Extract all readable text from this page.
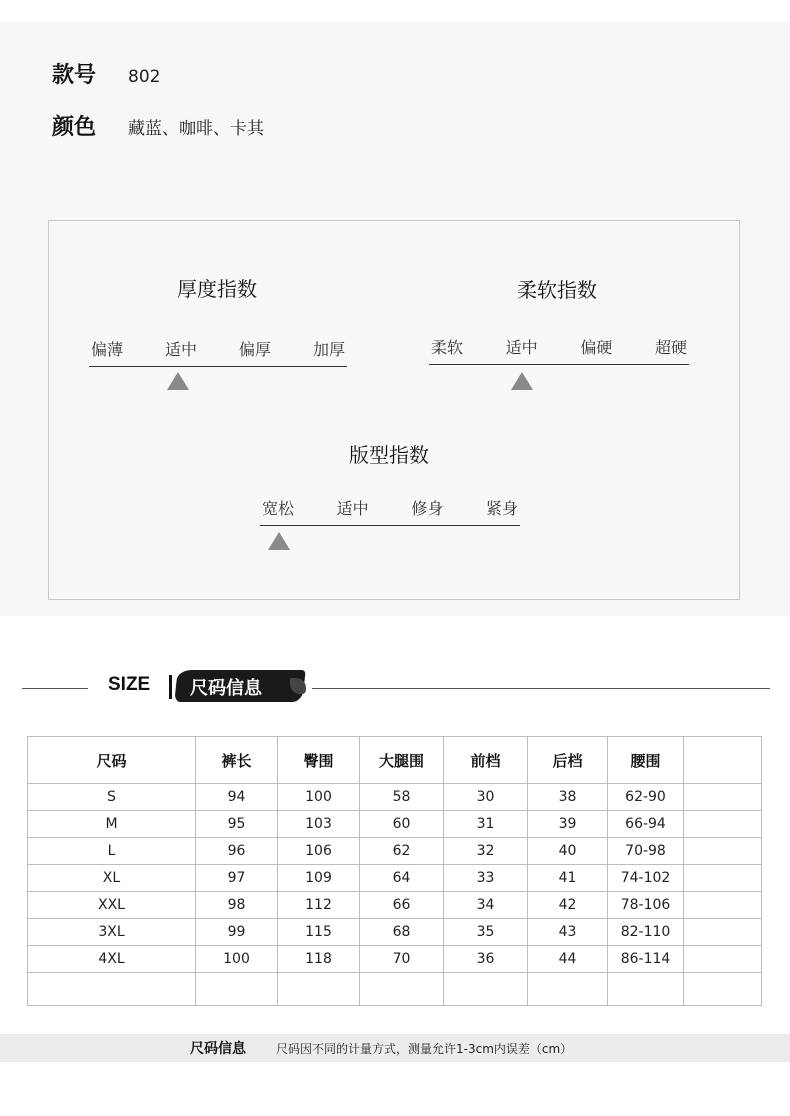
款号	802
颜色	藏蓝、咖啡、卡其
厚度指数
偏薄	适中	偏厚	加厚
柔软指数
柔软	适中	偏硬	超硬
版型指数
宽松	适中	修身	紧身
SIZE 尺码信息
尺码	裤长	臀围	大腿围	前档	后档	腰围	
S	94	100	58	30	38	62-90	
M	95	103	60	31	39	66-94	
L	96	106	62	32	40	70-98	
XL	97	109	64	33	41	74-102	
XXL	98	112	66	34	42	78-106	
3XL	99	115	68	35	43	82-110	
4XL	100	118	70	36	44	86-114	

尺码信息	尺码因不同的计量方式，测量允许1-3cm内误差（cm）
